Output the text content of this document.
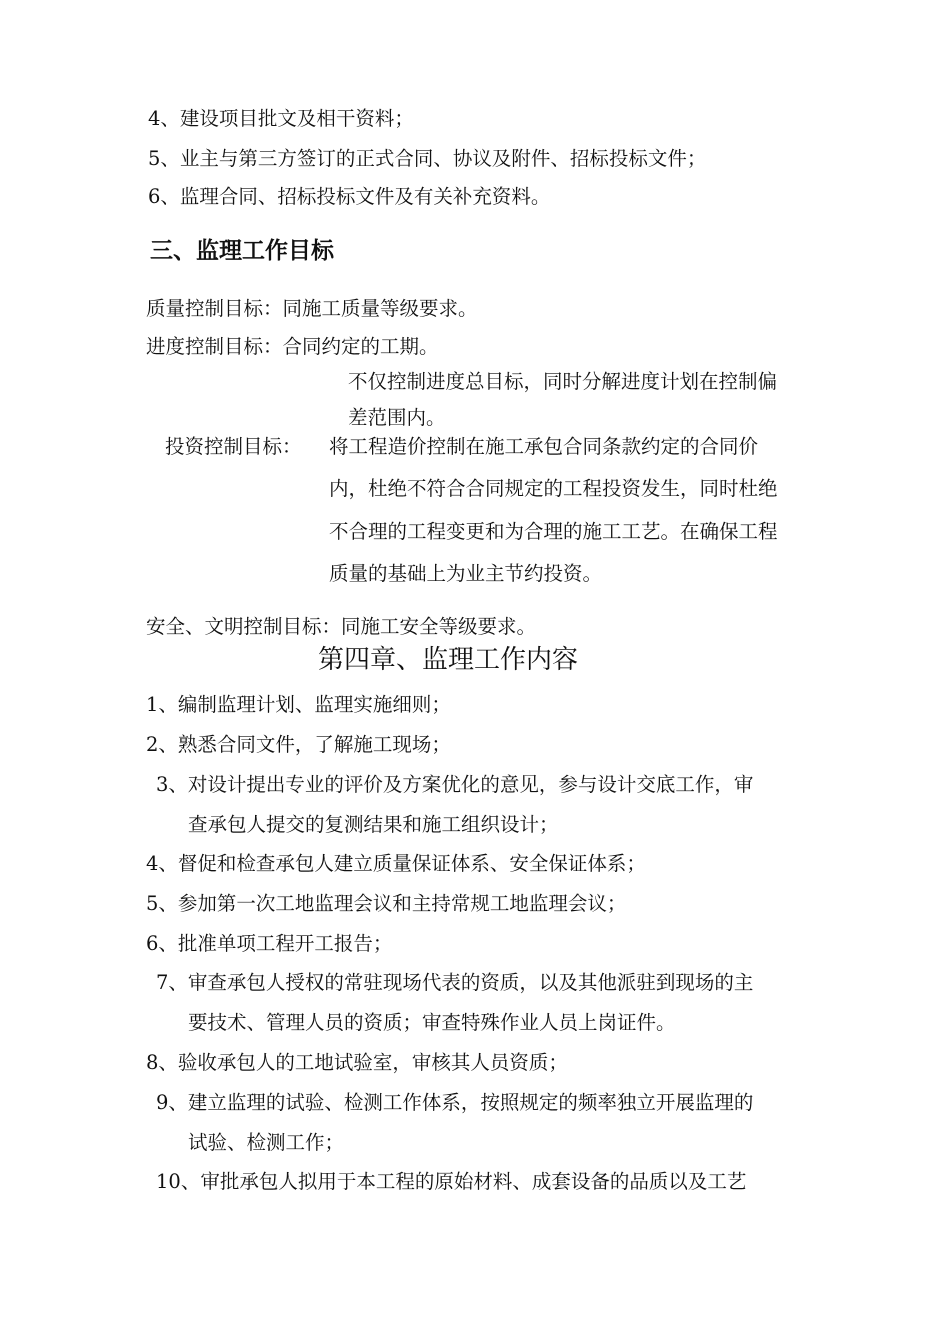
4、建设项目批文及相干资料；
5、业主与第三方签订的正式合同、协议及附件、招标投标文件；
6、监理合同、招标投标文件及有关补充资料。
三、监理工作目标
质量控制目标：同施工质量等级要求。
进度控制目标：合同约定的工期。
不仅控制进度总目标，同时分解进度计划在控制偏
差范围内。
投资控制目标： 将工程造价控制在施工承包合同条款约定的合同价
内，杜绝不符合合同规定的工程投资发生，同时杜绝
不合理的工程变更和为合理的施工工艺。在确保工程
质量的基础上为业主节约投资。
安全、文明控制目标：同施工安全等级要求。
第四章、监理工作内容
1、编制监理计划、监理实施细则；
2、熟悉合同文件，了解施工现场；
3、对设计提出专业的评价及方案优化的意见，参与设计交底工作，审
查承包人提交的复测结果和施工组织设计；
4、督促和检查承包人建立质量保证体系、安全保证体系；
5、参加第一次工地监理会议和主持常规工地监理会议；
6、批准单项工程开工报告；
7、审查承包人授权的常驻现场代表的资质，以及其他派驻到现场的主
要技术、管理人员的资质；审查特殊作业人员上岗证件。
8、验收承包人的工地试验室，审核其人员资质；
9、建立监理的试验、检测工作体系，按照规定的频率独立开展监理的
试验、检测工作；
10、审批承包人拟用于本工程的原始材料、成套设备的品质以及工艺
